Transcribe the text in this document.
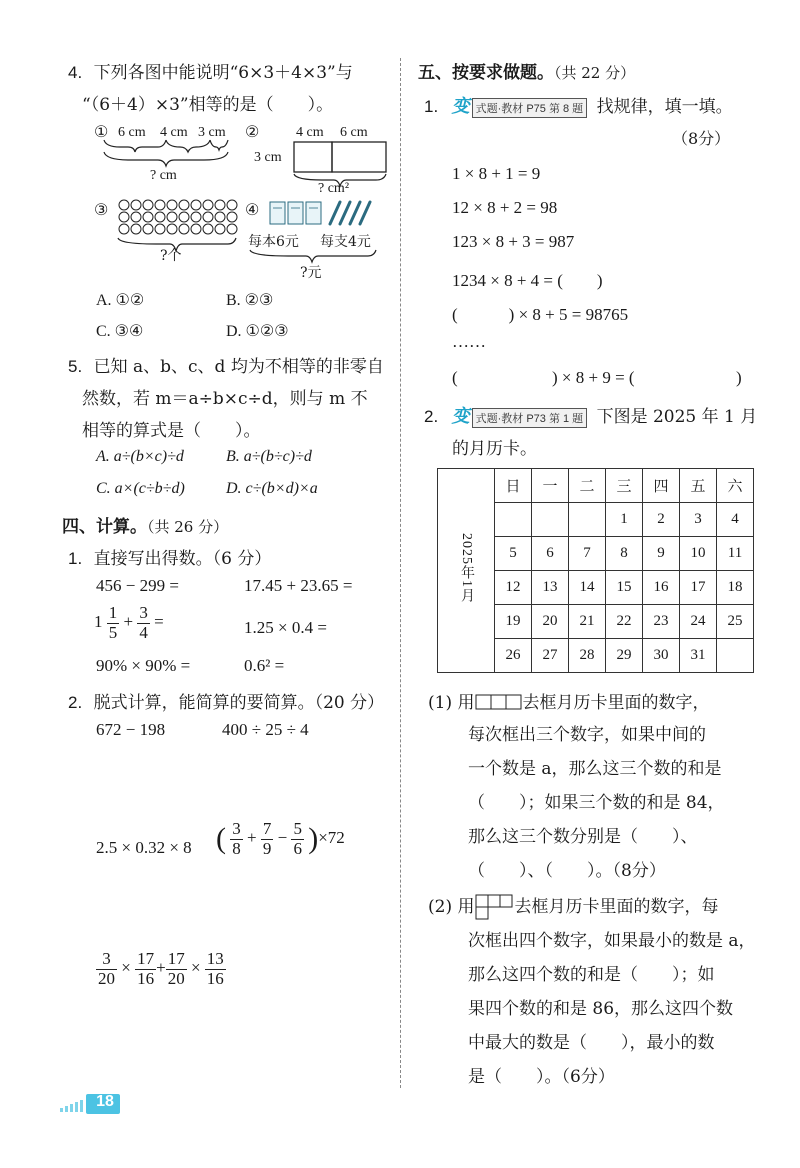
4. 下列各图中能说明“6×3＋4×3”与
“（6＋4）×3”相等的是（　　）。
① 6 cm 4 cm 3 cm
? cm
②	4 cm 6 cm
3 cm
? cm²
③
?个
④
每本6元 每支4元
?元
A. ①②	B. ②③
C. ③④	D. ①②③
5. 已知 a、b、c、d 均为不相等的非零自
然数，若 m＝a÷b×c÷d，则与 m 不
相等的算式是（　　）。
A. a÷(b×c)÷d	B. a÷(b÷c)÷d
C. a×(c÷b÷d)	D. c÷(b×d)×a
四、计算。（共 26 分）
1. 直接写出得数。（6 分）
456 − 299 =	17.45 + 23.65 =
$1 \frac{1}{5} + \frac{3}{4}$ =	1.25 × 0.4 =
90% × 90% =	0.6² =
2. 脱式计算，能简算的要简算。（20 分）
672 − 198	400 ÷ 25 ÷ 4
2.5 × 0.32 × 8 ( $\frac{3}{8} + \frac{7}{9} - \frac{5}{6} )\times 72$
$\frac{3}{20} \times \frac{17}{16} + \frac{17}{20} \times \frac{13}{16}$
五、按要求做题。（共 22 分）
1. 变 式题·教材 P75 第 8 题 找规律，填一填。
（8分）
1 × 8 + 1 = 9
12 × 8 + 2 = 98
123 × 8 + 3 = 987
1234 × 8 + 4 = (　　)
(　　　) × 8 + 5 = 98765
……
(	) × 8 + 9 = (	)
2. 变 式题·教材 P73 第 1 题 下图是 2025 年 1 月
的月历卡。
2025年1月	日	一	二	三	四	五	六
				1	2	3	4
	5	6	7	8	9	10	11
	12	13	14	15	16	17	18
	19	20	21	22	23	24	25
	26	27	28	29	30	31	
(1) 用	去框月历卡里面的数字，
每次框出三个数字，如果中间的
一个数是 a，那么这三个数的和是
（　　）；如果三个数的和是 84，
那么这三个数分别是（　　）、
（　　）、（　　）。（8分）
(2) 用 去框月历卡里面的数字，每
次框出四个数字，如果最小的数是 a，
那么这四个数的和是（　　）；如
果四个数的和是 86，那么这四个数
中最大的数是（　　），最小的数
是（　　）。（6分）
18
